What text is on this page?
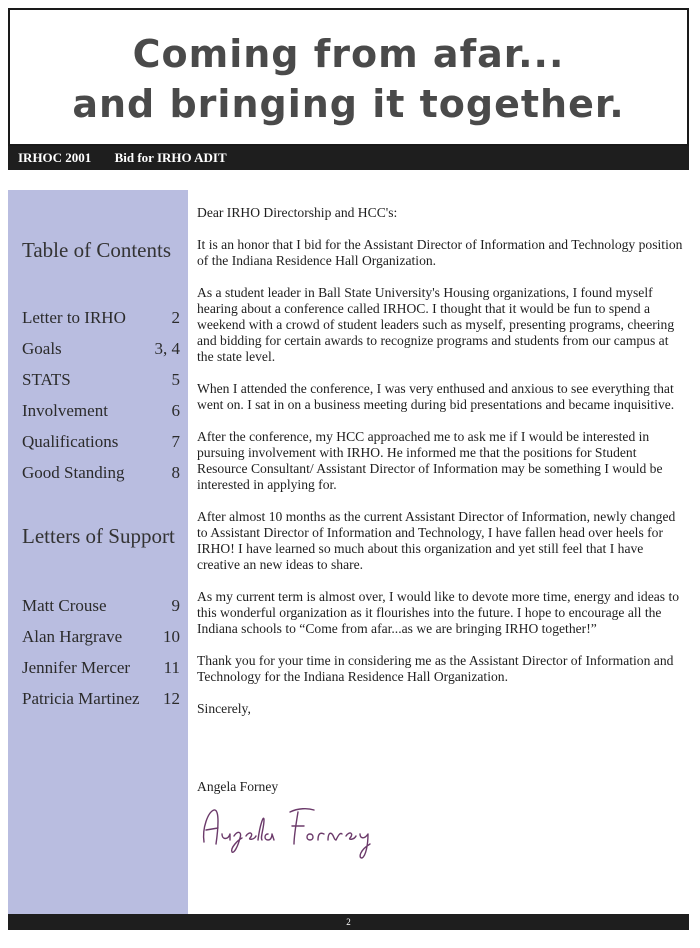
Coming from afar...
and bringing it together.
IRHOC 2001 Bid for IRHO ADIT
Table of Contents
Letter to IRHO	2
Goals	3, 4
STATS	5
Involvement	6
Qualifications	7
Good Standing	8
Letters of Support
Matt Crouse	9
Alan Hargrave 10
Jennifer Mercer 11
Patricia Martinez 12

Dear IRHO Directorship and HCC's:

It is an honor that I bid for the Assistant Director of Information and Technology position of the Indiana Residence Hall Organization.

As a student leader in Ball State University's Housing organizations, I found myself hearing about a conference called IRHOC. I thought that it would be fun to spend a weekend with a crowd of student leaders such as myself, presenting programs, cheering and bidding for certain awards to recognize programs and students from our campus at the state level.

When I attended the conference, I was very enthused and anxious to see everything that went on. I sat in on a business meeting during bid presentations and became inquisitive.

After the conference, my HCC approached me to ask me if I would be interested in pursuing involvement with IRHO. He informed me that the positions for Student Resource Consultant/ Assistant Director of Information may be something I would be interested in applying for.

After almost 10 months as the current Assistant Director of Information, newly changed to Assistant Director of Information and Technology, I have fallen head over heels for IRHO! I have learned so much about this organization and yet still feel that I have creative an new ideas to share.

As my current term is almost over, I would like to devote more time, energy and ideas to this wonderful organization as it flourishes into the future. I hope to encourage all the Indiana schools to “Come from afar...as we are bringing IRHO together!”

Thank you for your time in considering me as the Assistant Director of Information and Technology for the Indiana Residence Hall Organization.

Sincerely,

Angela Forney

2
